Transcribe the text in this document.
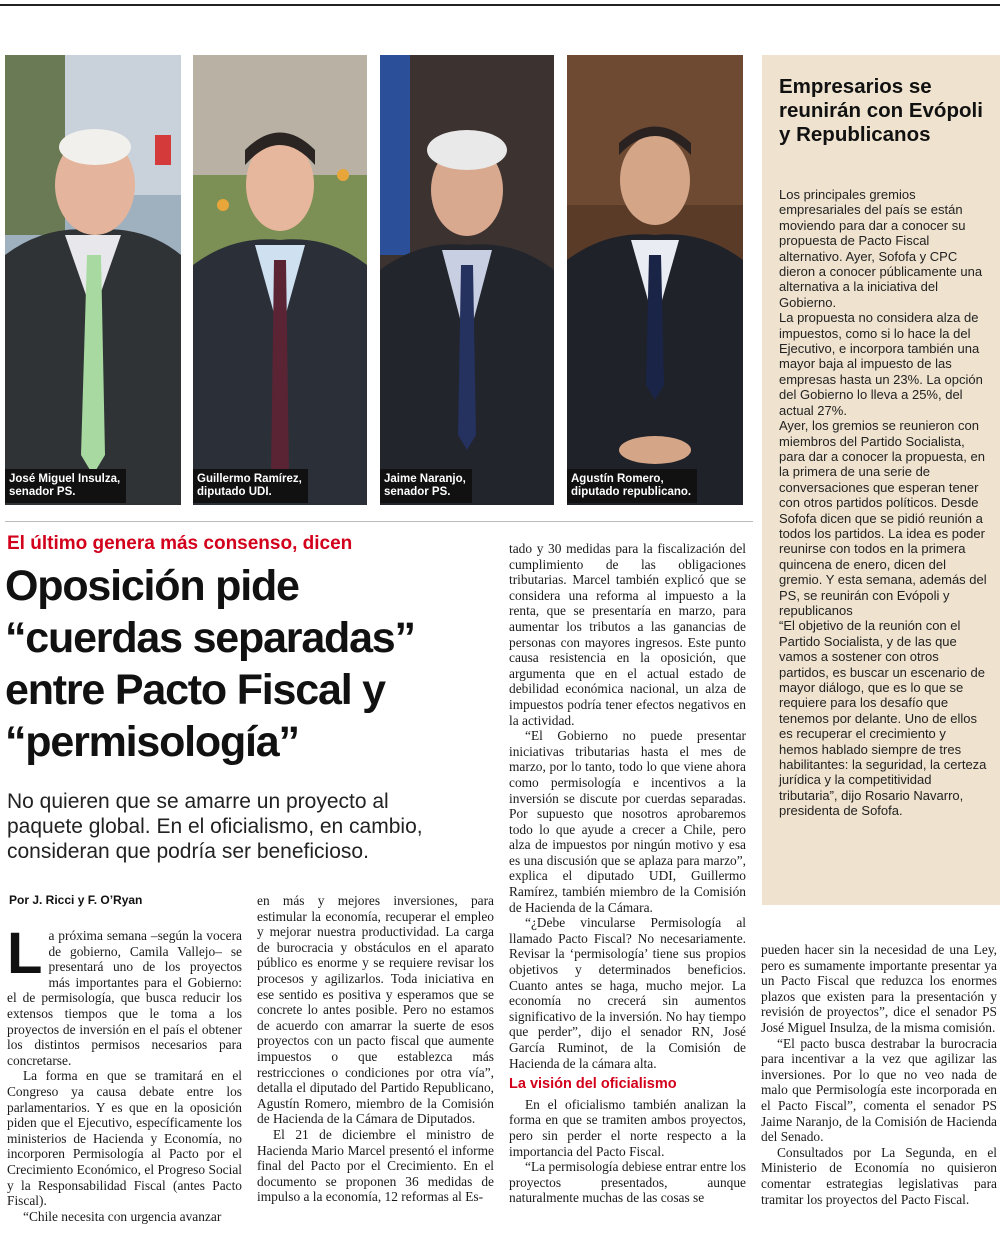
José Miguel Insulza,
senador PS.
Guillermo Ramírez,
diputado UDI.
Jaime Naranjo,
senador PS.
Agustín Romero,
diputado republicano.
Empresarios se reunirán con Evópoli y Republicanos

Los principales gremios empresariales del país se están moviendo para dar a conocer su propuesta de Pacto Fiscal alternativo. Ayer, Sofofa y CPC dieron a conocer públicamente una alternativa a la iniciativa del Gobierno.

La propuesta no considera alza de impuestos, como si lo hace la del Ejecutivo, e incorpora también una mayor baja al impuesto de las empresas hasta un 23%. La opción del Gobierno lo lleva a 25%, del actual 27%.

Ayer, los gremios se reunieron con miembros del Partido Socialista, para dar a conocer la propuesta, en la primera de una serie de conversaciones que esperan tener con otros partidos políticos. Desde Sofofa dicen que se pidió reunión a todos los partidos. La idea es poder reunirse con todos en la primera quincena de enero, dicen del gremio. Y esta semana, además del PS, se reunirán con Evópoli y republicanos

“El objetivo de la reunión con el Partido Socialista, y de las que vamos a sostener con otros partidos, es buscar un escenario de mayor diálogo, que es lo que se requiere para los desafío que tenemos por delante. Uno de ellos es recuperar el crecimiento y hemos hablado siempre de tres habilitantes: la seguridad, la certeza jurídica y la competitividad tributaria”, dijo Rosario Navarro, presidenta de Sofofa.

El último genera más consenso, dicen

Oposición pide
“cuerdas separadas”
entre Pacto Fiscal y
“permisología”

No quieren que se amarre un proyecto al
paquete global. En el oficialismo, en cambio,
consideran que podría ser beneficioso.

Por J. Ricci y F. O’Ryan

La próxima semana –según la vocera de gobierno, Camila Vallejo– se presentará uno de los proyectos más importantes para el Gobierno: el de permisología, que busca reducir los extensos tiempos que le toma a los proyectos de inversión en el país el obtener los distintos permisos necesarios para concretarse.

La forma en que se tramitará en el Congreso ya causa debate entre los parlamentarios. Y es que en la oposición piden que el Ejecutivo, específicamente los ministerios de Hacienda y Economía, no incorporen Permisología al Pacto por el Crecimiento Económico, el Progreso Social y la Responsabilidad Fiscal (antes Pacto Fiscal).

“Chile necesita con urgencia avanzar

en más y mejores inversiones, para estimular la economía, recuperar el empleo y mejorar nuestra productividad. La carga de burocracia y obstáculos en el aparato público es enorme y se requiere revisar los procesos y agilizarlos. Toda iniciativa en ese sentido es positiva y esperamos que se concrete lo antes posible. Pero no estamos de acuerdo con amarrar la suerte de esos proyectos con un pacto fiscal que aumente impuestos o que establezca más restricciones o condiciones por otra vía”, detalla el diputado del Partido Republicano, Agustín Romero, miembro de la Comisión de Hacienda de la Cámara de Diputados.

El 21 de diciembre el ministro de Hacienda Mario Marcel presentó el informe final del Pacto por el Crecimiento. En el documento se proponen 36 medidas de impulso a la economía, 12 reformas al Es-

tado y 30 medidas para la fiscalización del cumplimiento de las obligaciones tributarias. Marcel también explicó que se considera una reforma al impuesto a la renta, que se presentaría en marzo, para aumentar los tributos a las ganancias de personas con mayores ingresos. Este punto causa resistencia en la oposición, que argumenta que en el actual estado de debilidad económica nacional, un alza de impuestos podría tener efectos negativos en la actividad.

“El Gobierno no puede presentar iniciativas tributarias hasta el mes de marzo, por lo tanto, todo lo que viene ahora como permisología e incentivos a la inversión se discute por cuerdas separadas. Por supuesto que nosotros aprobaremos todo lo que ayude a crecer a Chile, pero alza de impuestos por ningún motivo y esa es una discusión que se aplaza para marzo”, explica el diputado UDI, Guillermo Ramírez, también miembro de la Comisión de Hacienda de la Cámara.

“¿Debe vincularse Permisología al llamado Pacto Fiscal? No necesariamente. Revisar la ‘permisología’ tiene sus propios objetivos y determinados beneficios. Cuanto antes se haga, mucho mejor. La economía no crecerá sin aumentos significativo de la inversión. No hay tiempo que perder”, dijo el senador RN, José García Ruminot, de la Comisión de Hacienda de la cámara alta.

La visión del oficialismo

En el oficialismo también analizan la forma en que se tramiten ambos proyectos, pero sin perder el norte respecto a la importancia del Pacto Fiscal.

“La permisología debiese entrar entre los proyectos presentados, aunque naturalmente muchas de las cosas se

pueden hacer sin la necesidad de una Ley, pero es sumamente importante presentar ya un Pacto Fiscal que reduzca los enormes plazos que existen para la presentación y revisión de proyectos”, dice el senador PS José Miguel Insulza, de la misma comisión.

“El pacto busca destrabar la burocracia para incentivar a la vez que agilizar las inversiones. Por lo que no veo nada de malo que Permisología este incorporada en el Pacto Fiscal”, comenta el senador PS Jaime Naranjo, de la Comisión de Hacienda del Senado.

Consultados por La Segunda, en el Ministerio de Economía no quisieron comentar estrategias legislativas para tramitar los proyectos del Pacto Fiscal.
